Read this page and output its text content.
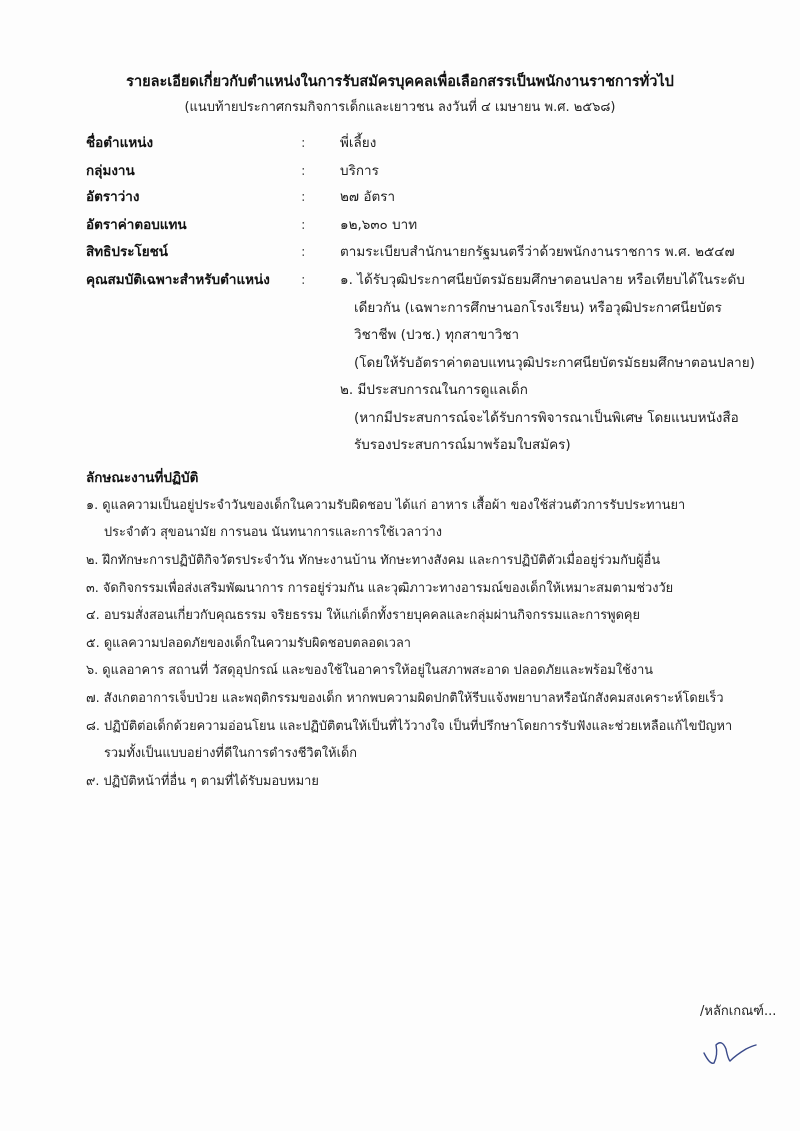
รายละเอียดเกี่ยวกับตำแหน่งในการรับสมัครบุคคลเพื่อเลือกสรรเป็นพนักงานราชการทั่วไป
(แนบท้ายประกาศกรมกิจการเด็กและเยาวชน ลงวันที่ ๔ เมษายน พ.ศ. ๒๕๖๘)
ชื่อตำแหน่ง	:	พี่เลี้ยง
กลุ่มงาน	:	บริการ
อัตราว่าง	:	๒๗ อัตรา
อัตราค่าตอบแทน	:	๑๒,๖๓๐ บาท
สิทธิประโยชน์	:	ตามระเบียบสำนักนายกรัฐมนตรีว่าด้วยพนักงานราชการ พ.ศ. ๒๕๔๗
คุณสมบัติเฉพาะสำหรับตำแหน่ง	:	๑. ได้รับวุฒิประกาศนียบัตรมัธยมศึกษาตอนปลาย หรือเทียบได้ในระดับ
เดียวกัน (เฉพาะการศึกษานอกโรงเรียน) หรือวุฒิประกาศนียบัตร
วิชาชีพ (ปวช.) ทุกสาขาวิชา
(โดยให้รับอัตราค่าตอบแทนวุฒิประกาศนียบัตรมัธยมศึกษาตอนปลาย)
๒. มีประสบการณในการดูแลเด็ก
(หากมีประสบการณ์จะได้รับการพิจารณาเป็นพิเศษ โดยแนบหนังสือ
รับรองประสบการณ์มาพร้อมใบสมัคร)
ลักษณะงานที่ปฏิบัติ
๑. ดูแลความเป็นอยู่ประจำวันของเด็กในความรับผิดชอบ ได้แก่ อาหาร เสื้อผ้า ของใช้ส่วนตัวการรับประทานยา
ประจำตัว สุขอนามัย การนอน นันทนาการและการใช้เวลาว่าง
๒. ฝึกทักษะการปฏิบัติกิจวัตรประจำวัน ทักษะงานบ้าน ทักษะทางสังคม และการปฏิบัติตัวเมื่ออยู่ร่วมกับผู้อื่น
๓. จัดกิจกรรมเพื่อส่งเสริมพัฒนาการ การอยู่ร่วมกัน และวุฒิภาวะทางอารมณ์ของเด็กให้เหมาะสมตามช่วงวัย
๔. อบรมสั่งสอนเกี่ยวกับคุณธรรม จริยธรรม ให้แก่เด็กทั้งรายบุคคลและกลุ่มผ่านกิจกรรมและการพูดคุย
๕. ดูแลความปลอดภัยของเด็กในความรับผิดชอบตลอดเวลา
๖. ดูแลอาคาร สถานที่ วัสดุอุปกรณ์ และของใช้ในอาคารให้อยู่ในสภาพสะอาด ปลอดภัยและพร้อมใช้งาน
๗. สังเกตอาการเจ็บป่วย และพฤติกรรมของเด็ก หากพบความผิดปกติให้รีบแจ้งพยาบาลหรือนักสังคมสงเคราะห์โดยเร็ว
๘. ปฏิบัติต่อเด็กด้วยความอ่อนโยน และปฏิบัติตนให้เป็นที่ไว้วางใจ เป็นที่ปรึกษาโดยการรับฟังและช่วยเหลือแก้ไขปัญหา
รวมทั้งเป็นแบบอย่างที่ดีในการดำรงชีวิตให้เด็ก
๙. ปฏิบัติหน้าที่อื่น ๆ ตามที่ได้รับมอบหมาย
/หลักเกณฑ์...
